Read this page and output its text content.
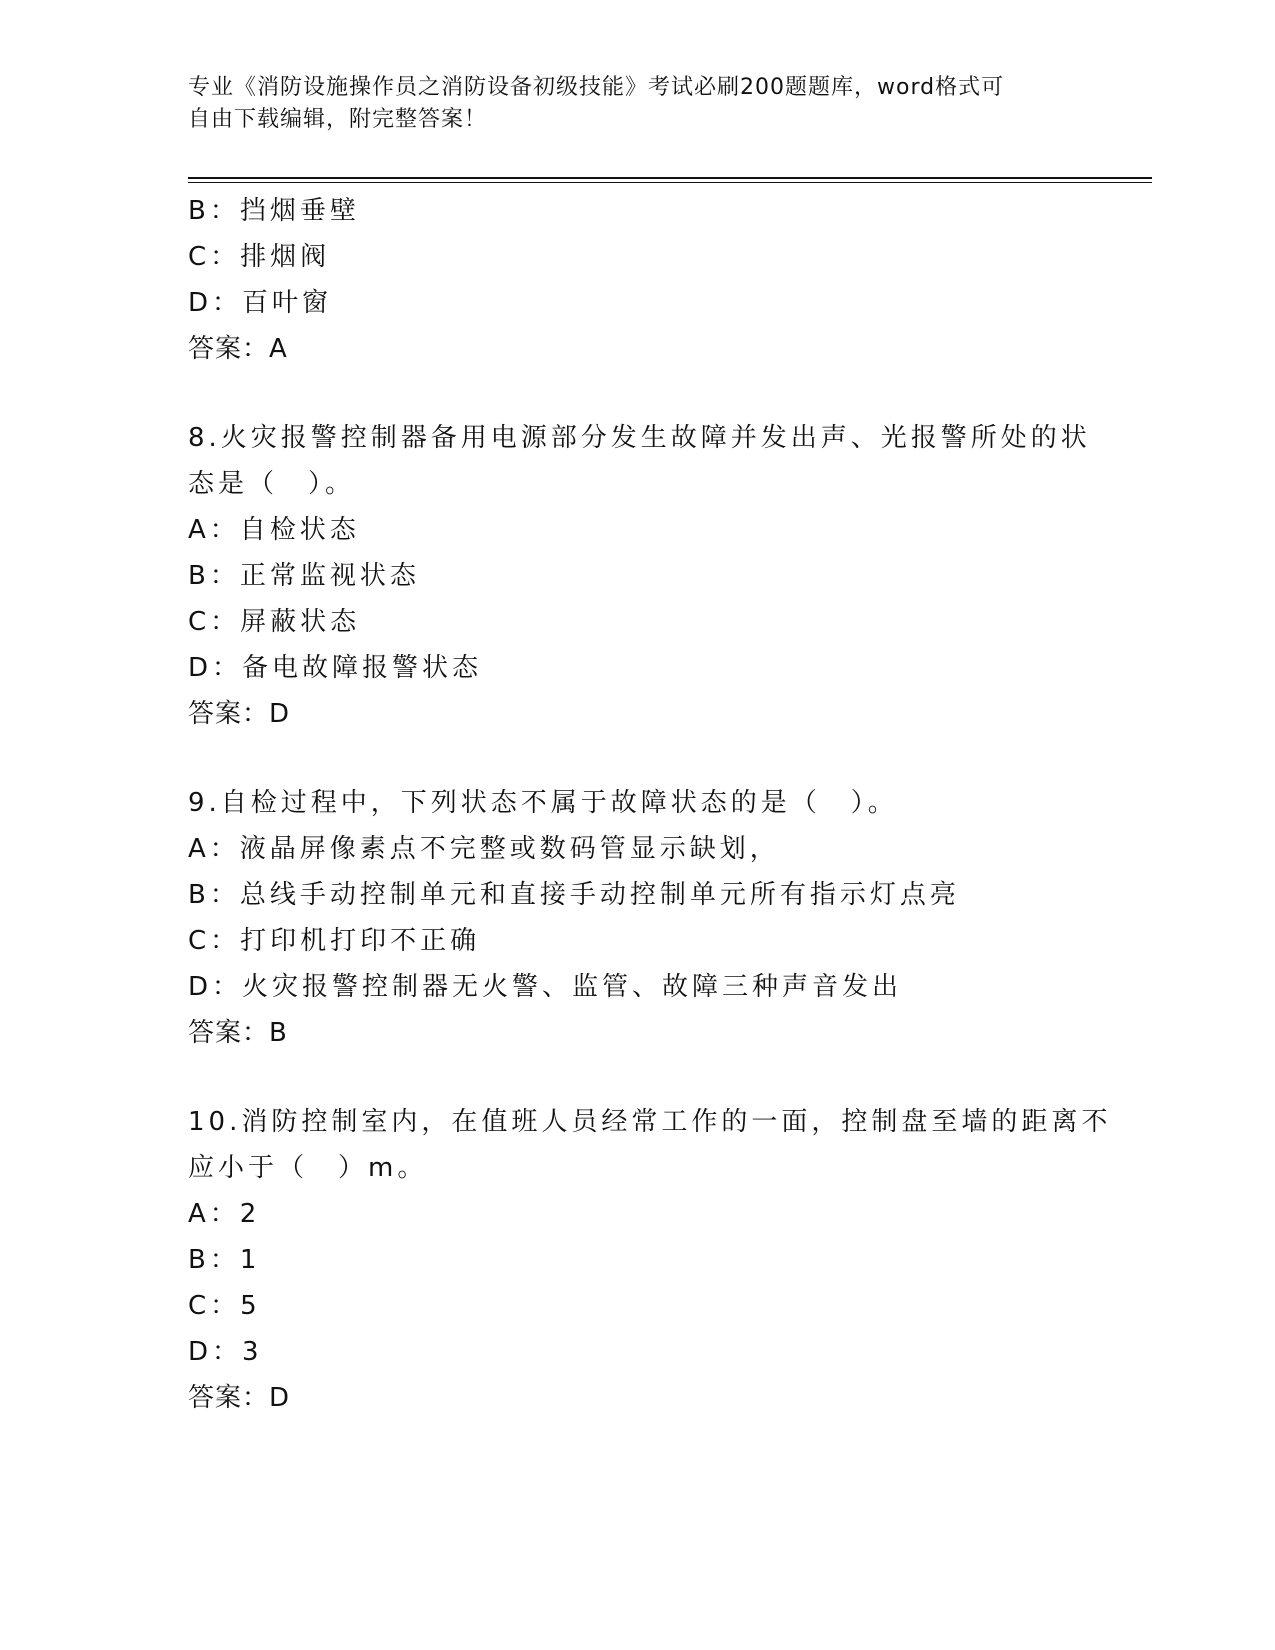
专业《消防设施操作员之消防设备初级技能》考试必刷200题题库，word格式可
自由下载编辑，附完整答案！
B：挡烟垂壁
C：排烟阀
D：百叶窗
答案：A
8.火灾报警控制器备用电源部分发生故障并发出声、光报警所处的状
态是（　）。
A：自检状态
B：正常监视状态
C：屏蔽状态
D：备电故障报警状态
答案：D
9.自检过程中，下列状态不属于故障状态的是（　）。
A：液晶屏像素点不完整或数码管显示缺划，
B：总线手动控制单元和直接手动控制单元所有指示灯点亮
C：打印机打印不正确
D：火灾报警控制器无火警、监管、故障三种声音发出
答案：B
10.消防控制室内，在值班人员经常工作的一面，控制盘至墙的距离不
应小于（　）m。
A：2
B：1
C：5
D：3
答案：D
